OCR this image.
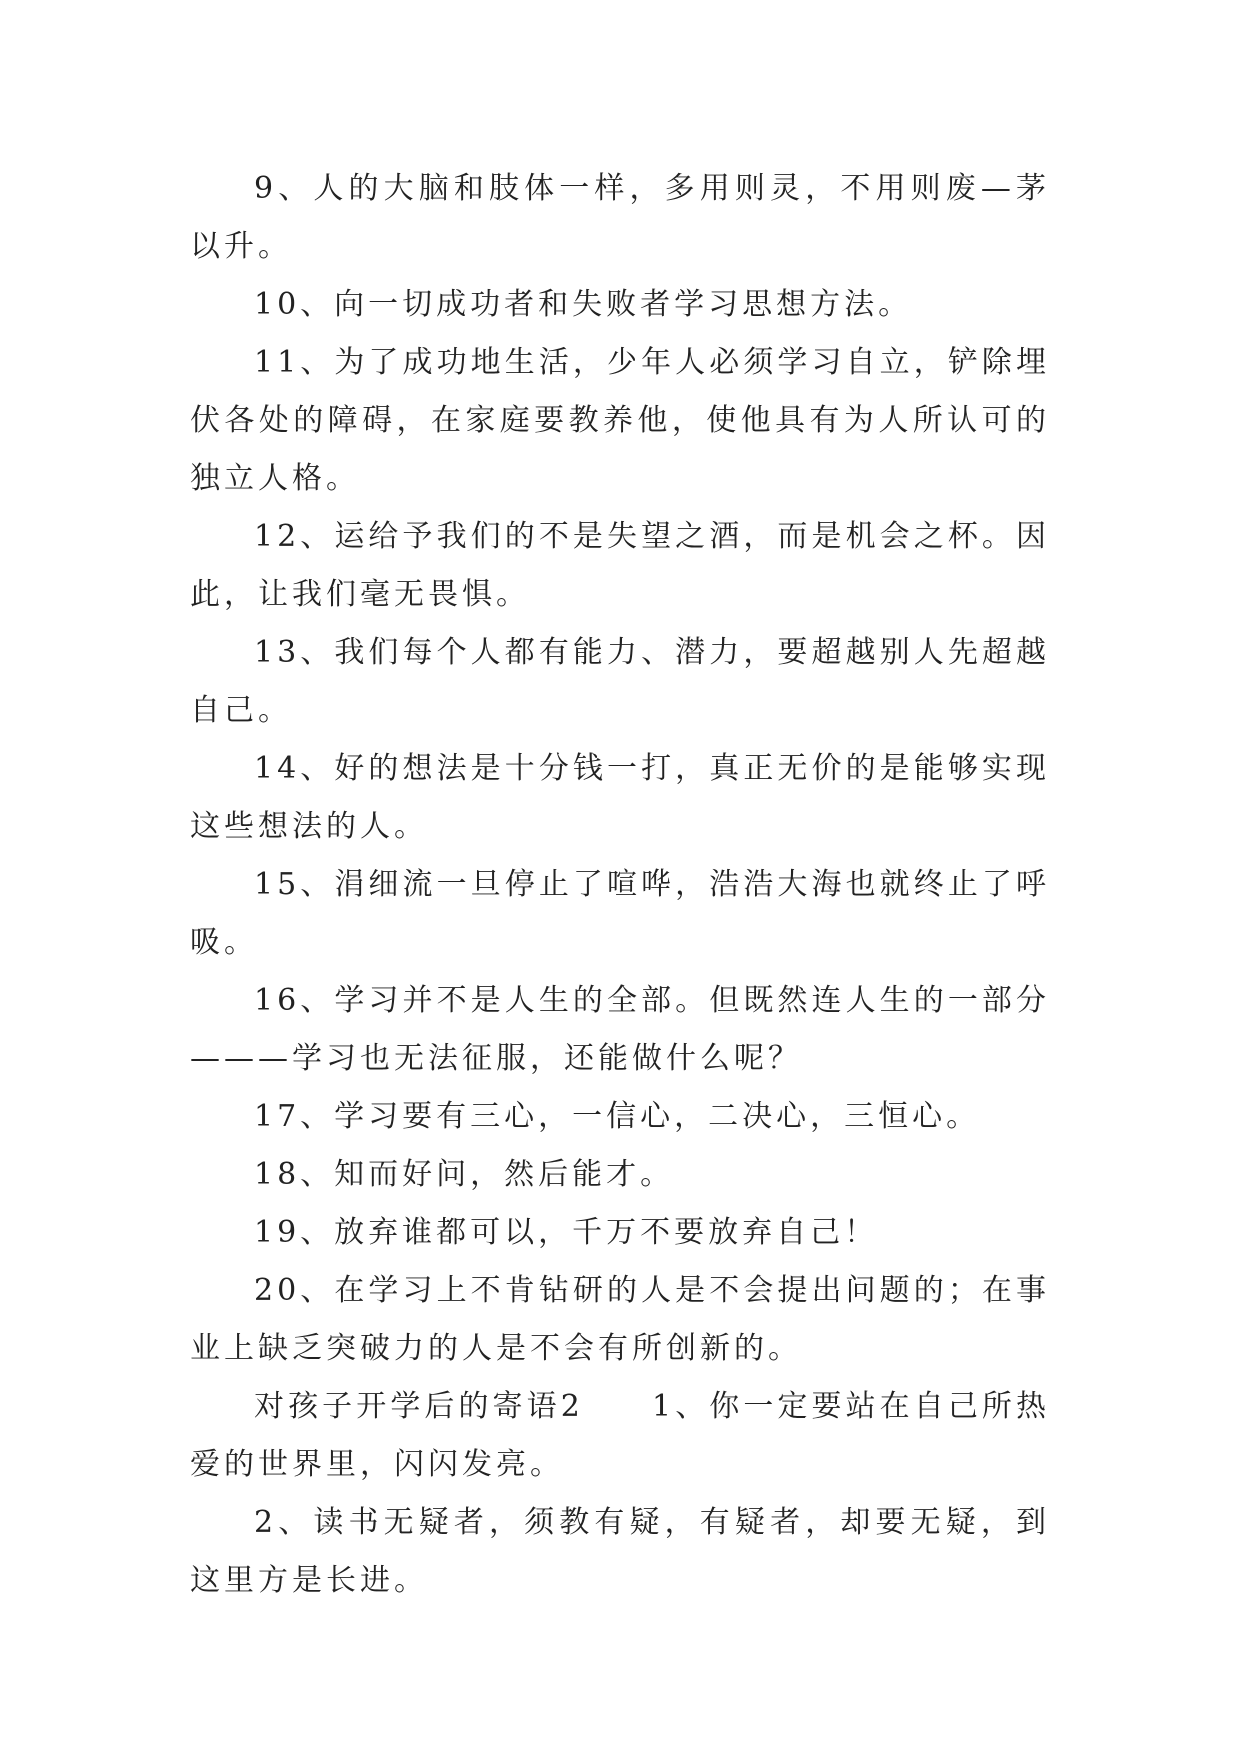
9、人的大脑和肢体一样，多用则灵，不用则废—茅以升。

10、向一切成功者和失败者学习思想方法。

11、为了成功地生活，少年人必须学习自立，铲除埋伏各处的障碍，在家庭要教养他，使他具有为人所认可的独立人格。

12、运给予我们的不是失望之酒，而是机会之杯。因此，让我们毫无畏惧。

13、我们每个人都有能力、潜力，要超越别人先超越自己。

14、好的想法是十分钱一打，真正无价的是能够实现这些想法的人。

15、涓细流一旦停止了喧哗，浩浩大海也就终止了呼吸。

16、学习并不是人生的全部。但既然连人生的一部分———学习也无法征服，还能做什么呢？

17、学习要有三心，一信心，二决心，三恒心。

18、知而好问，然后能才。

19、放弃谁都可以，千万不要放弃自己！

20、在学习上不肯钻研的人是不会提出问题的；在事业上缺乏突破力的人是不会有所创新的。

对孩子开学后的寄语2　　1、你一定要站在自己所热爱的世界里，闪闪发亮。

2、读书无疑者，须教有疑，有疑者，却要无疑，到这里方是长进。
